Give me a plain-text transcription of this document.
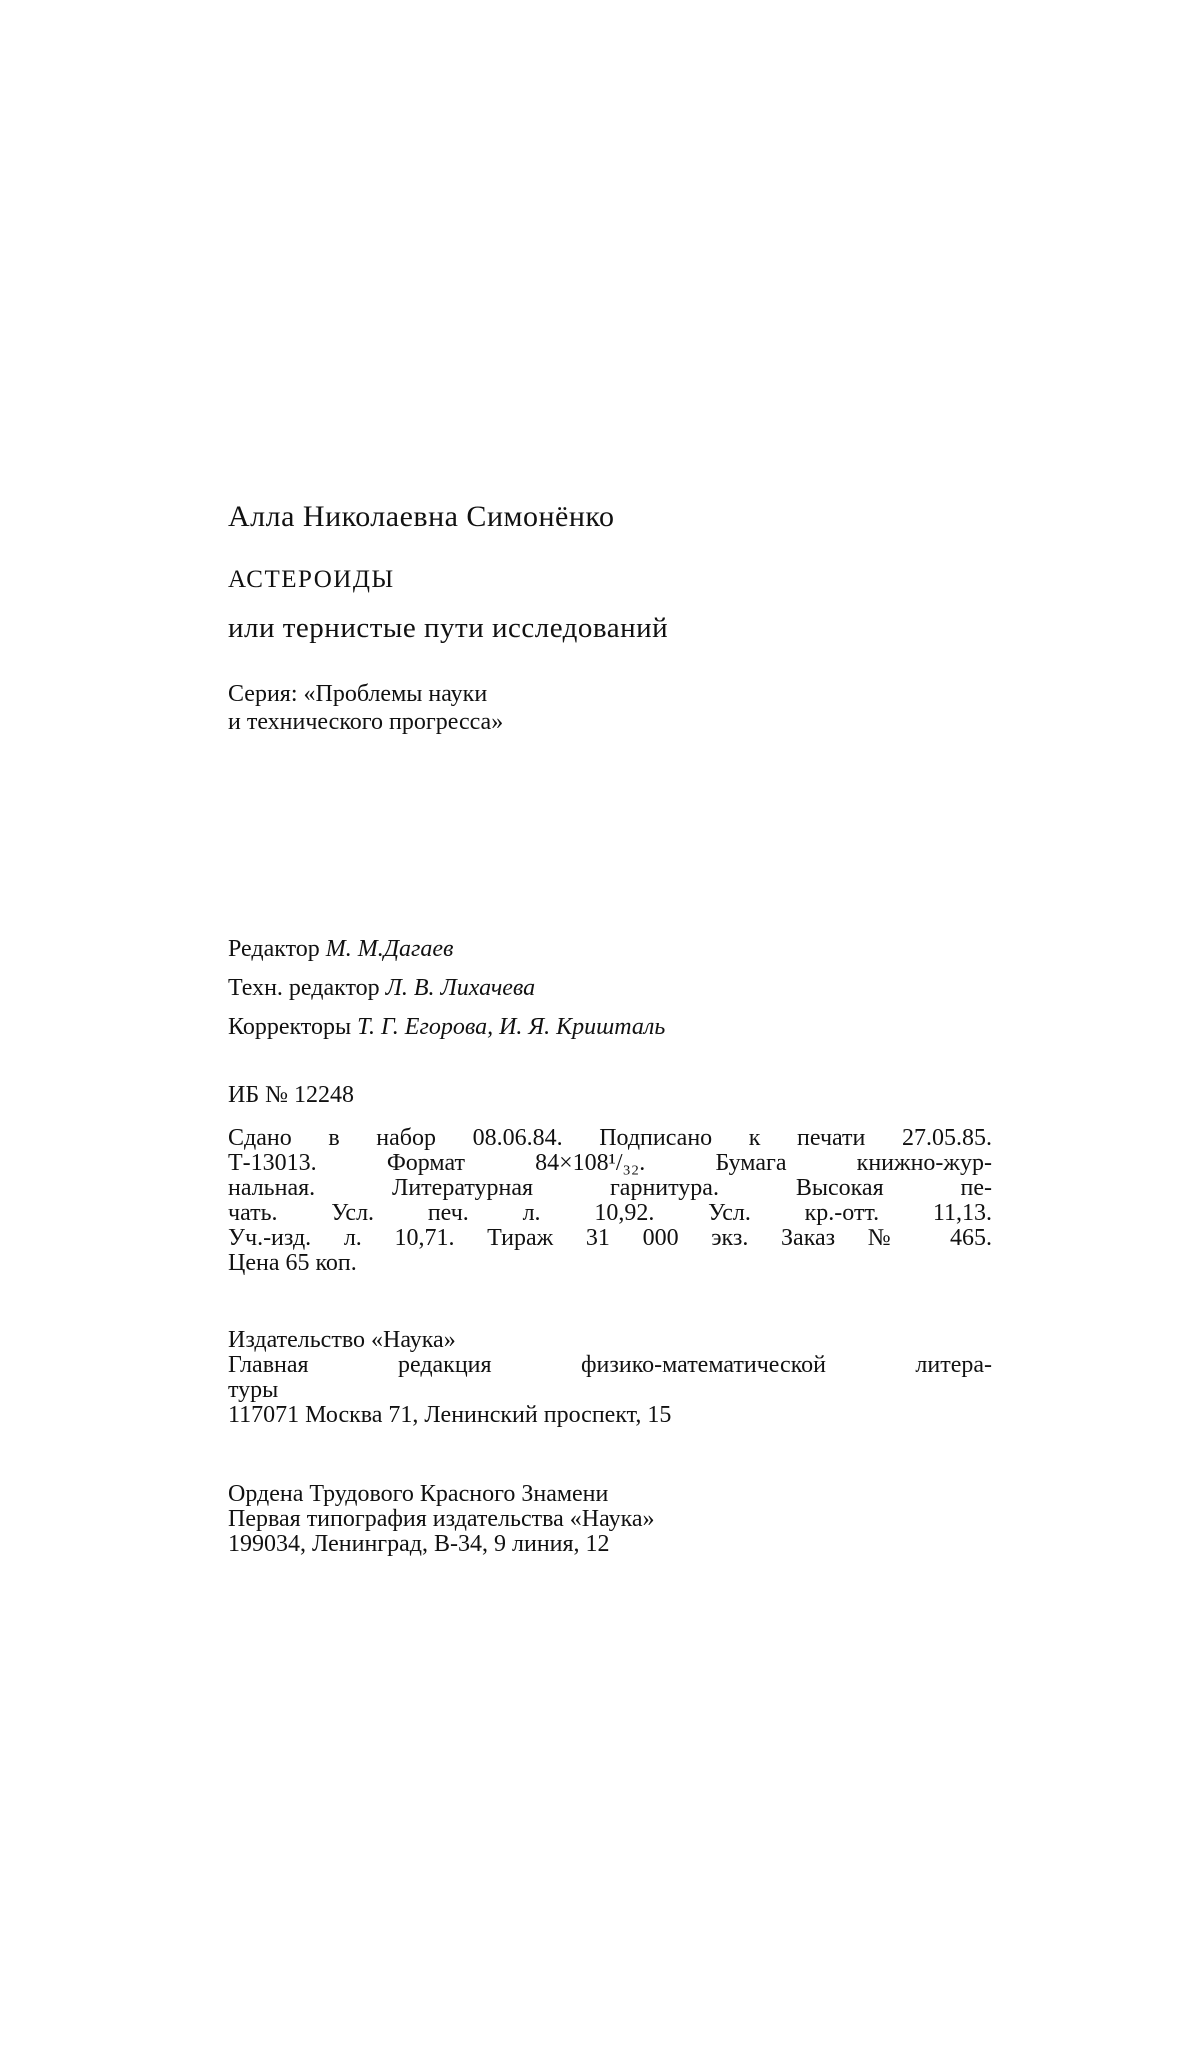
Алла Николаевна Симонёнко
АСТЕРОИДЫ
или тернистые пути исследований
Серия: «Проблемы науки
и технического прогресса»
Редактор М. М.Дагаев
Техн. редактор Л. В. Лихачева
Корректоры Т. Г. Егорова, И. Я. Кришталь
ИБ № 12248
Сдано в набор 08.06.84. Подписано к печати 27.05.85.
Т-13013. Формат 84×108¹/₃₂. Бумага книжно-жур-
нальная. Литературная гарнитура. Высокая пе-
чать. Усл. печ. л. 10,92. Усл. кр.-отт. 11,13.
Уч.-изд. л. 10,71. Тираж 31 000 экз. Заказ № 465.
Цена 65 коп.
Издательство «Наука»
Главная редакция физико-математической литера-
туры
117071 Москва 71, Ленинский проспект, 15
Ордена Трудового Красного Знамени
Первая типография издательства «Наука»
199034, Ленинград, В-34, 9 линия, 12
